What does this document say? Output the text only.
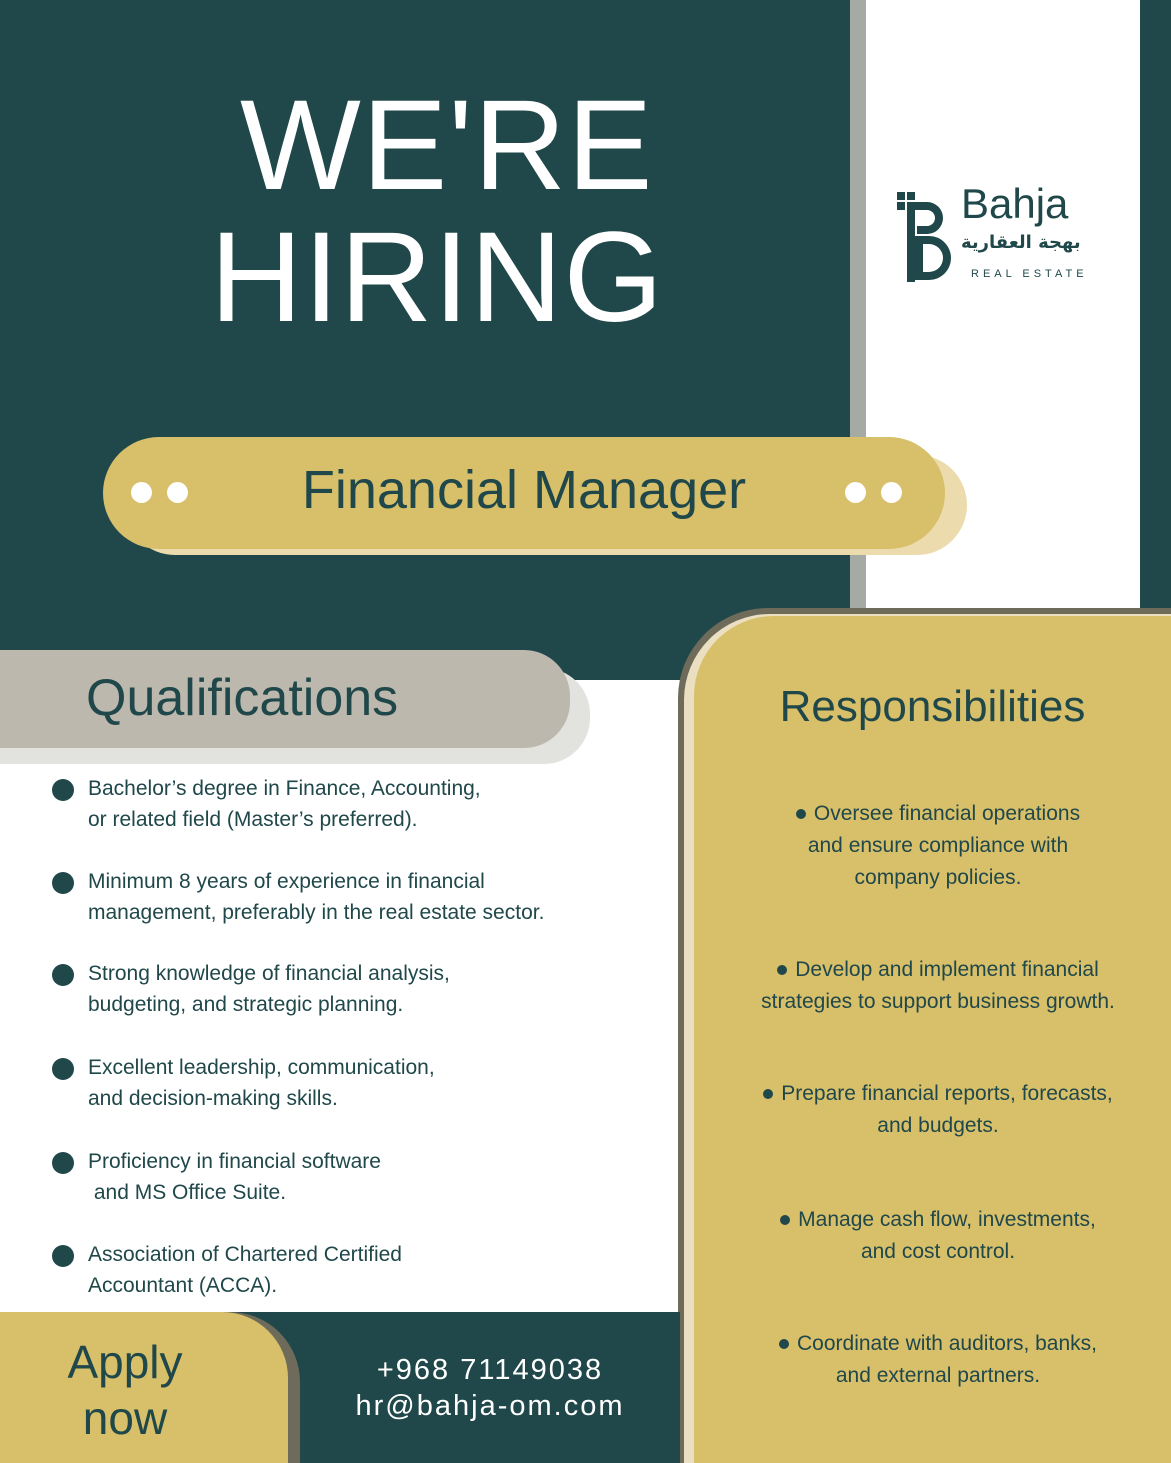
WE'RE
HIRING
Bahja
بهجة العقارية
REAL ESTATE
Financial Manager
Responsibilities
Oversee financial operations
and ensure compliance with
company policies.
Develop and implement financial
strategies to support business growth.
Prepare financial reports, forecasts,
and budgets.
Manage cash flow, investments,
and cost control.
Coordinate with auditors, banks,
and external partners.
Qualifications
Bachelor’s degree in Finance, Accounting,
or related field (Master’s preferred).
Minimum 8 years of experience in financial
management, preferably in the real estate sector.
Strong knowledge of financial analysis,
budgeting, and strategic planning.
Excellent leadership, communication,
and decision-making skills.
Proficiency in financial software
and MS Office Suite.
Association of Chartered Certified
Accountant (ACCA).
Apply
now
+968 71149038
hr@bahja-om.com
